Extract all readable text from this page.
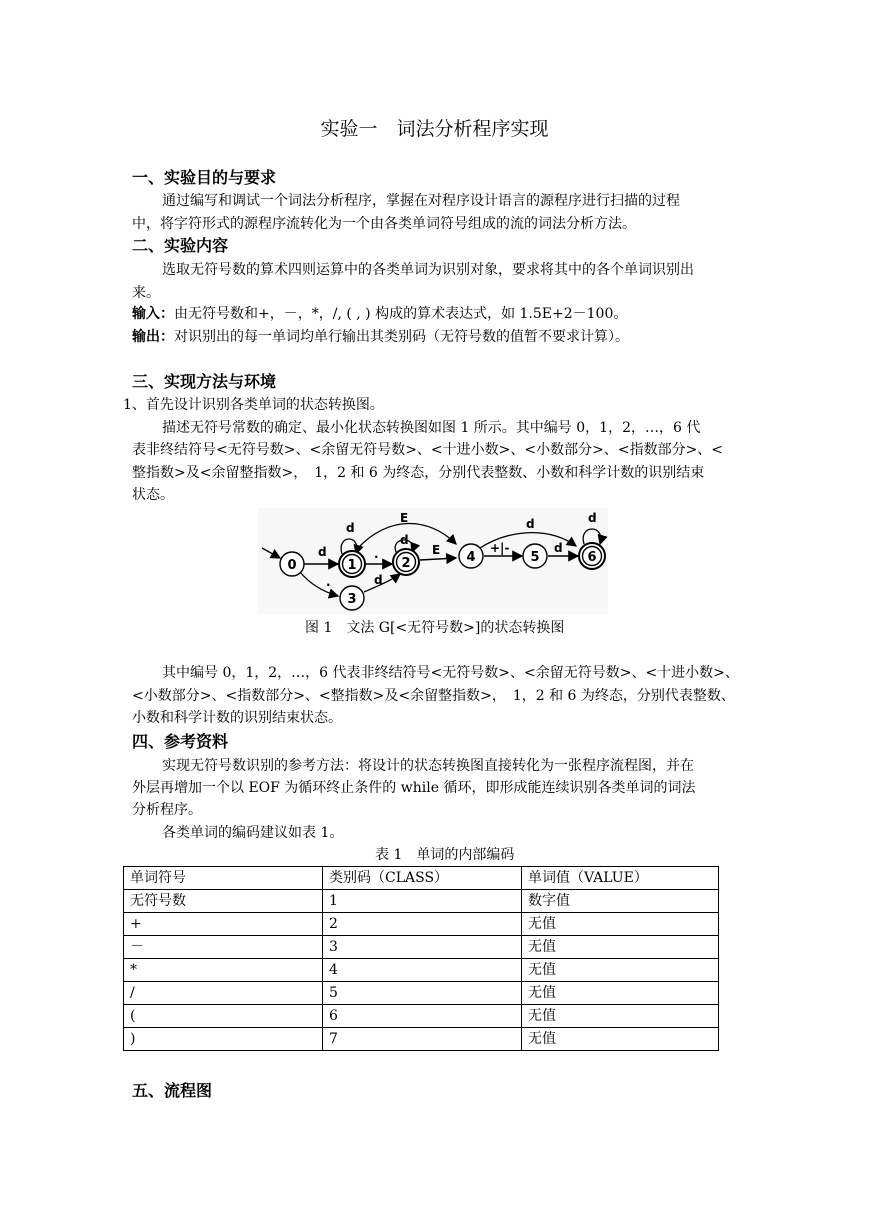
实验一　词法分析程序实现
一、实验目的与要求
通过编写和调试一个词法分析程序，掌握在对程序设计语言的源程序进行扫描的过程
中，将字符形式的源程序流转化为一个由各类单词符号组成的流的词法分析方法。
二、实验内容
选取无符号数的算术四则运算中的各类单词为识别对象，要求将其中的各个单词识别出
来。
输入：由无符号数和+，－，*，/, ( , ) 构成的算术表达式，如 1.5E+2－100。
输出：对识别出的每一单词均单行输出其类别码（无符号数的值暂不要求计算）。
三、实现方法与环境
1、首先设计识别各类单词的状态转换图。
描述无符号常数的确定、最小化状态转换图如图 1 所示。其中编号 0，1，2，…，6 代
表非终结符号<无符号数>、<余留无符号数>、<十进小数>、<小数部分>、<指数部分>、<
整指数>及<余留整指数>，　1，2 和 6 为终态，分别代表整数、小数和科学计数的识别结束
状态。
d
d
.
d
.	d
E
E	+|-	d
d	d
0	1	2
3
4	5	6
图 1　文法 G[<无符号数>]的状态转换图
其中编号 0，1，2，…，6 代表非终结符号<无符号数>、<余留无符号数>、<十进小数>、
<小数部分>、<指数部分>、<整指数>及<余留整指数>，　1，2 和 6 为终态，分别代表整数、
小数和科学计数的识别结束状态。
四、参考资料
实现无符号数识别的参考方法：将设计的状态转换图直接转化为一张程序流程图，并在
外层再增加一个以 EOF 为循环终止条件的 while 循环，即形成能连续识别各类单词的词法
分析程序。
各类单词的编码建议如表 1。
表 1　单词的内部编码
单词符号	类别码（CLASS）	单词值（VALUE）
无符号数	1	数字值
+	2	无值
－	3	无值
*	4	无值
/	5	无值
(	6	无值
)	7	无值
五、流程图
